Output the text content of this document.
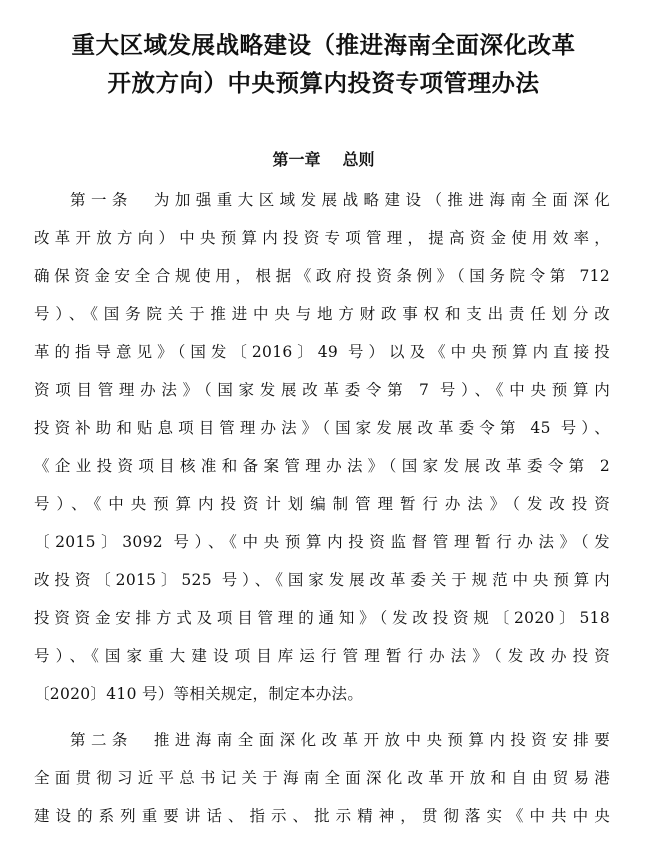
重大区域发展战略建设（推进海南全面深化改革
开放方向）中央预算内投资专项管理办法
第一章 总则
第一条　为加强重大区域发展战略建设（推进海南全面深化
改革开放方向）中央预算内投资专项管理，提高资金使用效率，
确保资金安全合规使用，根据《政府投资条例》（国务院令第 712
号）、《国务院关于推进中央与地方财政事权和支出责任划分改
革的指导意见》（国发〔2016〕49 号）以及《中央预算内直接投
资项目管理办法》（国家发展改革委令第 7 号）、《中央预算内
投资补助和贴息项目管理办法》（国家发展改革委令第 45 号）、
《企业投资项目核准和备案管理办法》（国家发展改革委令第 2
号）、《中央预算内投资计划编制管理暂行办法》（发改投资
〔2015〕3092 号）、《中央预算内投资监督管理暂行办法》（发
改投资〔2015〕525 号）、《国家发展改革委关于规范中央预算内
投资资金安排方式及项目管理的通知》（发改投资规〔2020〕518
号）、《国家重大建设项目库运行管理暂行办法》（发改办投资
〔2020〕410 号）等相关规定，制定本办法。
第二条　推进海南全面深化改革开放中央预算内投资安排要
全面贯彻习近平总书记关于海南全面深化改革开放和自由贸易港
建设的系列重要讲话、指示、批示精神，贯彻落实《中共中央
